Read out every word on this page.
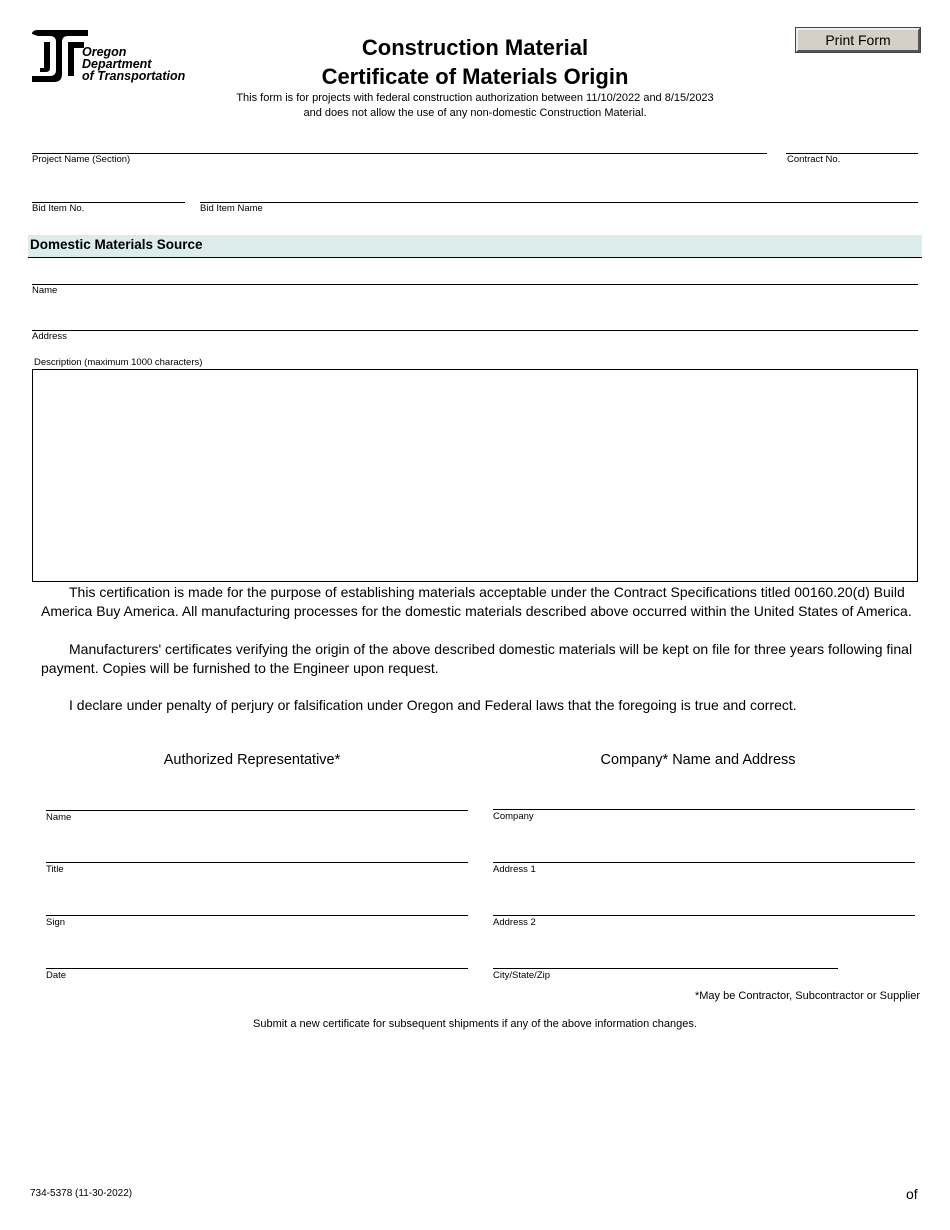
Oregon
Department
of Transportation
Construction Material
Certificate of Materials Origin
This form is for projects with federal construction authorization between 11/10/2022 and 8/15/2023
and does not allow the use of any non-domestic Construction Material.
Print Form
Project Name (Section)	Contract No.
Bid Item No.	Bid Item Name
Domestic Materials Source
Name
Address
Description (maximum 1000 characters)
This certification is made for the purpose of establishing materials acceptable under the Contract Specifications titled 00160.20(d) Build America Buy America. All manufacturing processes for the domestic materials described above occurred within the United States of America.
Manufacturers' certificates verifying the origin of the above described domestic materials will be kept on file for three years following final payment. Copies will be furnished to the Engineer upon request.
I declare under penalty of perjury or falsification under Oregon and Federal laws that the foregoing is true and correct.
Authorized Representative*	Company* Name and Address
Name
Title
Sign
Date
Company
Address 1
Address 2
City/State/Zip
*May be Contractor, Subcontractor or Supplier
Submit a new certificate for subsequent shipments if any of the above information changes.
734-5378 (11-30-2022)	of
